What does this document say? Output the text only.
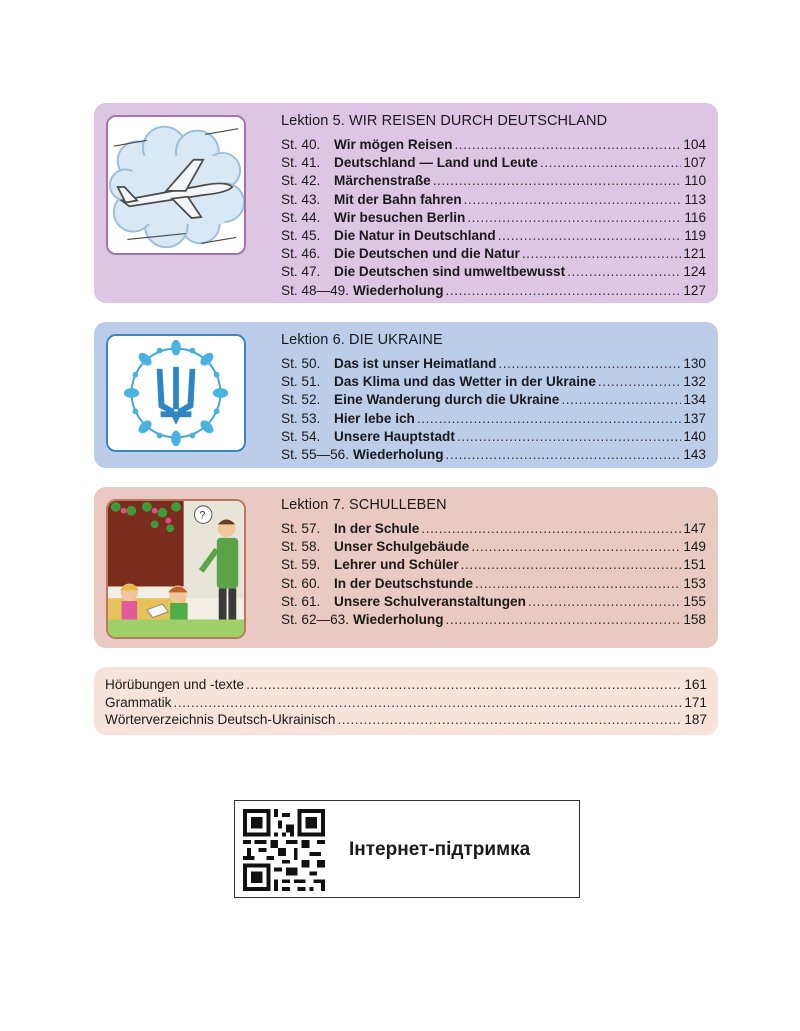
Lektion 5. WIR REISEN DURCH DEUTSCHLAND
St. 40.	Wir mögen Reisen . . .	104
St. 41.	Deutschland — Land und Leute . . .	107
St. 42.	Märchenstraße . . .	110
St. 43.	Mit der Bahn fahren . . .	113
St. 44.	Wir besuchen Berlin . . .	116
St. 45.	Die Natur in Deutschland . . .	119
St. 46.	Die Deutschen und die Natur . . .	121
St. 47.	Die Deutschen sind umweltbewusst . . .	124
St. 48—49. Wiederholung . . .	127
Lektion 6. DIE UKRAINE
St. 50.	Das ist unser Heimatland . . .	130
St. 51.	Das Klima und das Wetter in der Ukraine . . .	132
St. 52.	Eine Wanderung durch die Ukraine . . .	134
St. 53.	Hier lebe ich . . .	137
St. 54.	Unsere Hauptstadt . . .	140
St. 55—56. Wiederholung . . .	143
?
Lektion 7. SCHULLEBEN
St. 57.	In der Schule . . .	147
St. 58.	Unser Schulgebäude . . .	149
St. 59.	Lehrer und Schüler . . .	151
St. 60.	In der Deutschstunde . . .	153
St. 61.	Unsere Schulveranstaltungen . . .	155
St. 62—63. Wiederholung . . .	158
Hörübungen und -texte . . .	161
Grammatik . . .	171
Wörterverzeichnis Deutsch-Ukrainisch . . .	187
Інтернет-підтримка
